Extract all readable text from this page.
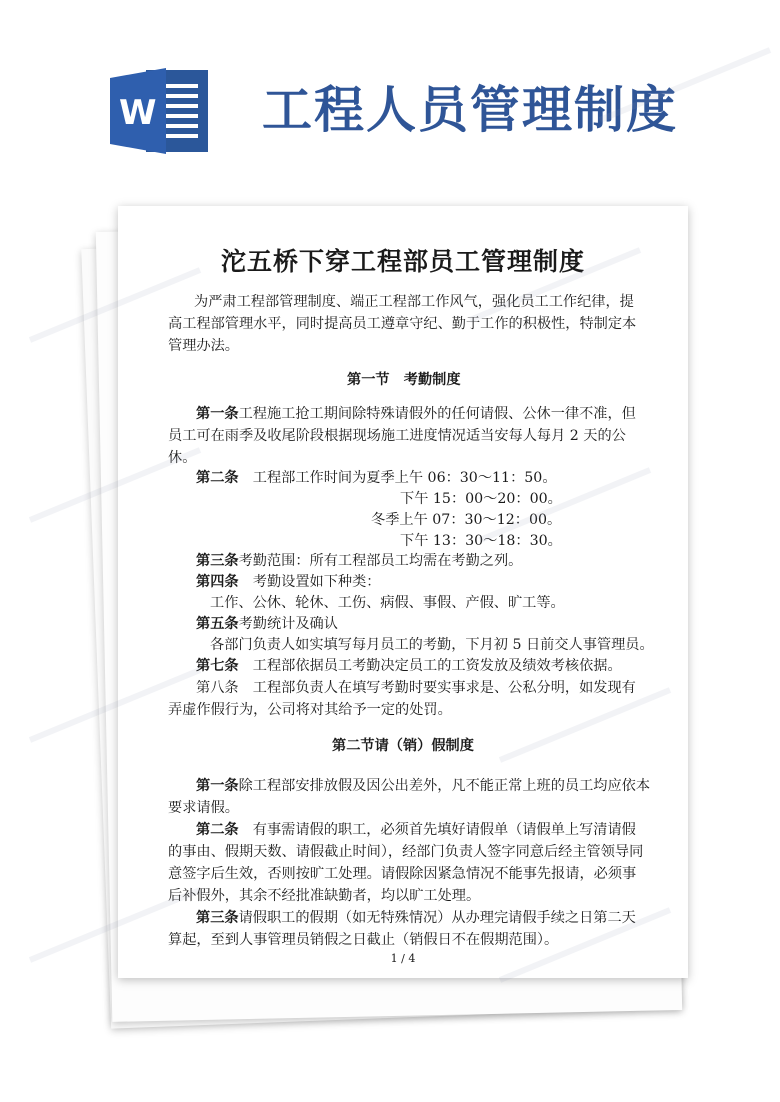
W 工程人员管理制度
沱五桥下穿工程部员工管理制度
为严肃工程部管理制度、端正工程部工作风气，强化员工工作纪律，提
高工程部管理水平，同时提高员工遵章守纪、勤于工作的积极性，特制定本
管理办法。
第一节　考勤制度
第一条工程施工抢工期间除特殊请假外的任何请假、公休一律不准，但
员工可在雨季及收尾阶段根据现场施工进度情况适当安每人每月 2 天的公
休。
第二条　 工程部工作时间为夏季上午 06：30～11：50。
下午 15：00～20：00。
冬季上午 07：30～12：00。
下午 13：30～18：30。
第三条考勤范围：所有工程部员工均需在考勤之列。
第四条　 考勤设置如下种类：
工作、公休、轮休、工伤、病假、事假、产假、旷工等。
第五条考勤统计及确认
各部门负责人如实填写每月员工的考勤，下月初 5 日前交人事管理员。
第七条　 工程部依据员工考勤决定员工的工资发放及绩效考核依据。
第八条　 工程部负责人在填写考勤时要实事求是、公私分明，如发现有
弄虚作假行为，公司将对其给予一定的处罚。
第二节请（销）假制度
第一条除工程部安排放假及因公出差外，凡不能正常上班的员工均应依本
要求请假。
第二条　 有事需请假的职工，必须首先填好请假单（请假单上写清请假
的事由、假期天数、请假截止时间），经部门负责人签字同意后经主管领导同
意签字后生效，否则按旷工处理。请假除因紧急情况不能事先报请，必须事
后补假外，其余不经批准缺勤者，均以旷工处理。
第三条请假职工的假期（如无特殊情况）从办理完请假手续之日第二天
算起，至到人事管理员销假之日截止（销假日不在假期范围）。
1 / 4
